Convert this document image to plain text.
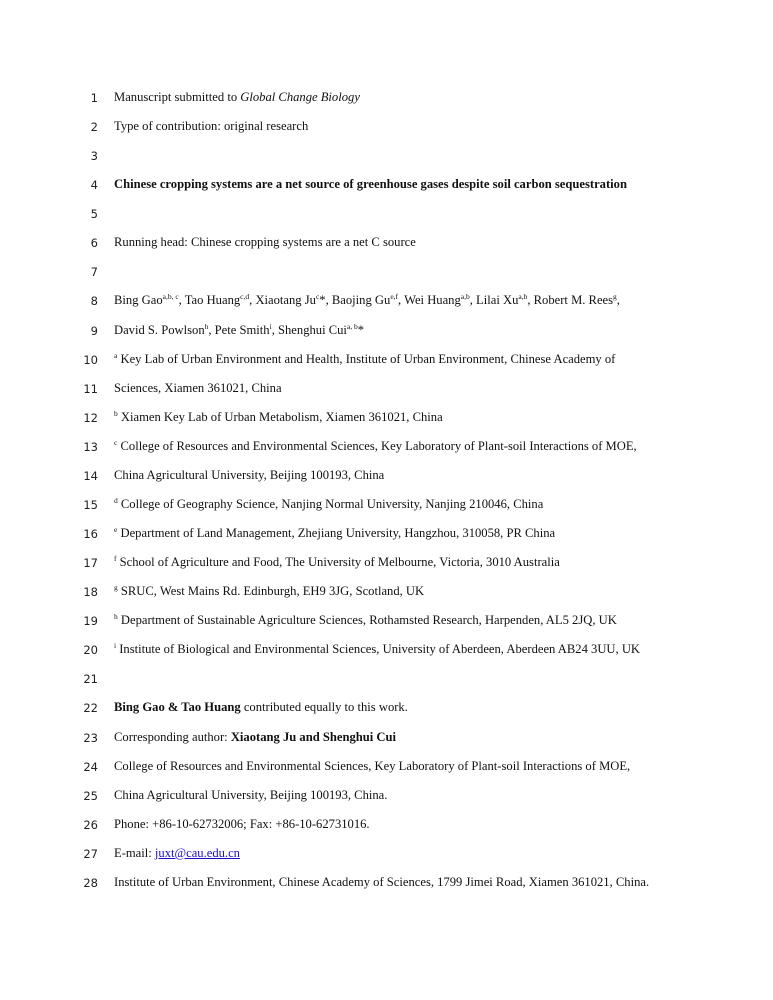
1 Manuscript submitted to Global Change Biology
2 Type of contribution: original research
3
4 Chinese cropping systems are a net source of greenhouse gases despite soil carbon sequestration
5
6 Running head: Chinese cropping systems are a net C source
7
8 Bing Gao$^{a,b, c}$, Tao Huang$^{c,d}$, Xiaotang Ju$^c$*, Baojing Gu$^{e,f}$, Wei Huang$^{a,b}$, Lilai Xu$^{a,b}$, Robert M. Rees$^g$,
9 David S. Powlson$^h$, Pete Smith$^i$, Shenghui Cui$^{a, b}$*
10 $^a$ Key Lab of Urban Environment and Health, Institute of Urban Environment, Chinese Academy of
11 Sciences, Xiamen 361021, China
12 $^b$ Xiamen Key Lab of Urban Metabolism, Xiamen 361021, China
13 $^c$ College of Resources and Environmental Sciences, Key Laboratory of Plant-soil Interactions of MOE,
14 China Agricultural University, Beijing 100193, China
15 $^d$ College of Geography Science, Nanjing Normal University, Nanjing 210046, China
16 $^e$ Department of Land Management, Zhejiang University, Hangzhou, 310058, PR China
17 $^f$ School of Agriculture and Food, The University of Melbourne, Victoria, 3010 Australia
18 $^g$ SRUC, West Mains Rd. Edinburgh, EH9 3JG, Scotland, UK
19 $^h$ Department of Sustainable Agriculture Sciences, Rothamsted Research, Harpenden, AL5 2JQ, UK
20 $^i$ Institute of Biological and Environmental Sciences, University of Aberdeen, Aberdeen AB24 3UU, UK
21
22 Bing Gao & Tao Huang contributed equally to this work.
23 Corresponding author: Xiaotang Ju and Shenghui Cui
24 College of Resources and Environmental Sciences, Key Laboratory of Plant-soil Interactions of MOE,
25 China Agricultural University, Beijing 100193, China.
26 Phone: +86-10-62732006; Fax: +86-10-62731016.
27 E-mail: juxt@cau.edu.cn
28 Institute of Urban Environment, Chinese Academy of Sciences, 1799 Jimei Road, Xiamen 361021, China.
